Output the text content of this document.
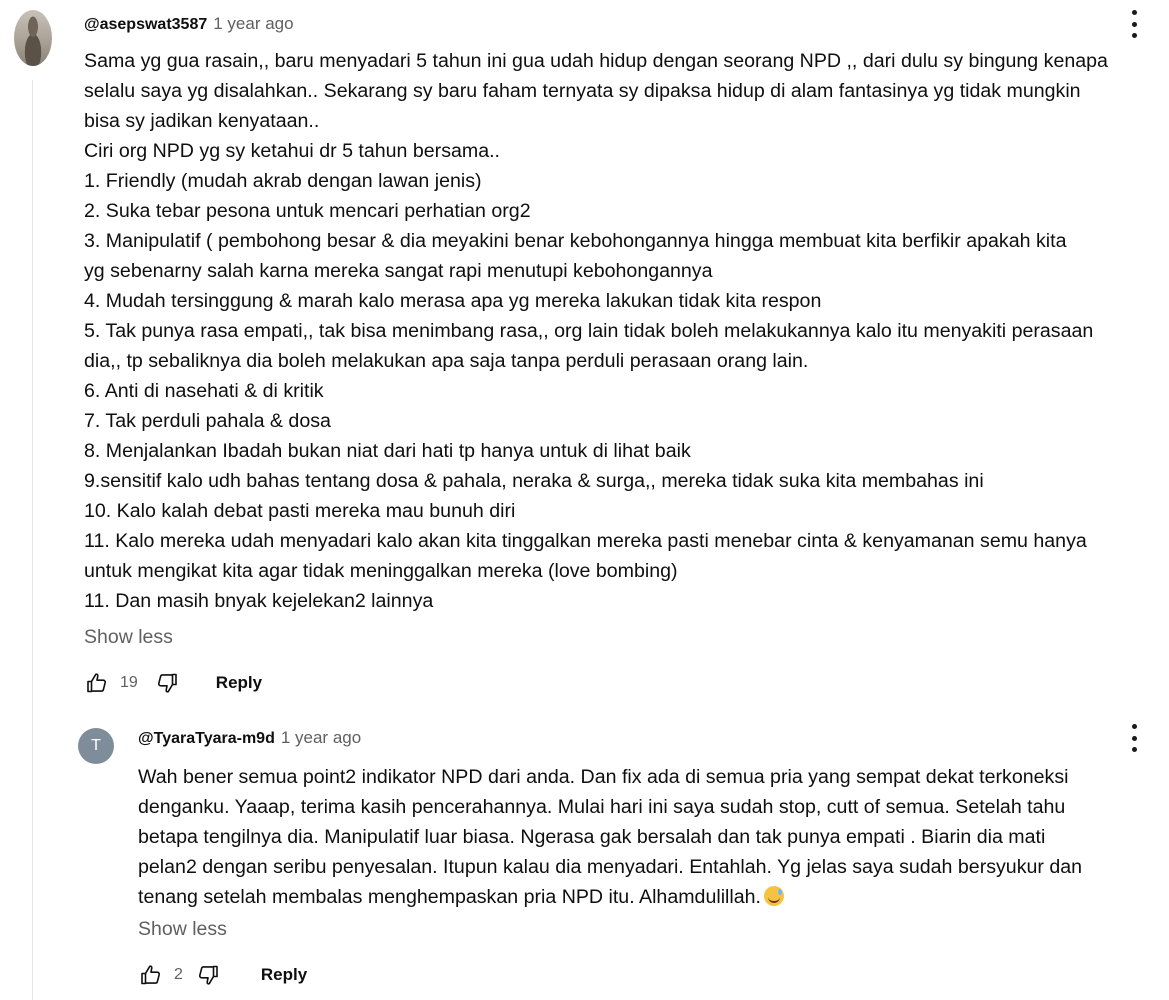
@asepswat3587 1 year ago
Sama yg gua rasain,, baru menyadari 5 tahun ini gua udah hidup dengan seorang NPD ,, dari dulu sy bingung kenapa
selalu saya yg disalahkan.. Sekarang sy baru faham ternyata sy dipaksa hidup di alam fantasinya yg tidak mungkin
bisa sy jadikan kenyataan..
Ciri org NPD yg sy ketahui dr 5 tahun bersama..
1. Friendly (mudah akrab dengan lawan jenis)
2. Suka tebar pesona untuk mencari perhatian org2
3. Manipulatif ( pembohong besar & dia meyakini benar kebohongannya hingga membuat kita berfikir apakah kita
yg sebenarny salah karna mereka sangat rapi menutupi kebohongannya
4. Mudah tersinggung & marah kalo merasa apa yg mereka lakukan tidak kita respon
5. Tak punya rasa empati,, tak bisa menimbang rasa,, org lain tidak boleh melakukannya kalo itu menyakiti perasaan
dia,, tp sebaliknya dia boleh melakukan apa saja tanpa perduli perasaan orang lain.
6. Anti di nasehati & di kritik
7. Tak perduli pahala & dosa
8. Menjalankan Ibadah bukan niat dari hati tp hanya untuk di lihat baik
9.sensitif kalo udh bahas tentang dosa & pahala, neraka & surga,, mereka tidak suka kita membahas ini
10. Kalo kalah debat pasti mereka mau bunuh diri
11. Kalo mereka udah menyadari kalo akan kita tinggalkan mereka pasti menebar cinta & kenyamanan semu hanya
untuk mengikat kita agar tidak meninggalkan mereka (love bombing)
11. Dan masih bnyak kejelekan2 lainnya
Show less
19	Reply
T	@TyaraTyara-m9d 1 year ago
Wah bener semua point2 indikator NPD dari anda. Dan fix ada di semua pria yang sempat dekat terkoneksi
denganku. Yaaap, terima kasih pencerahannya. Mulai hari ini saya sudah stop, cutt of semua. Setelah tahu
betapa tengilnya dia. Manipulatif luar biasa. Ngerasa gak bersalah dan tak punya empati . Biarin dia mati
pelan2 dengan seribu penyesalan. Itupun kalau dia menyadari. Entahlah. Yg jelas saya sudah bersyukur dan
tenang setelah membalas menghempaskan pria NPD itu. Alhamdulillah.
Show less
2	Reply
